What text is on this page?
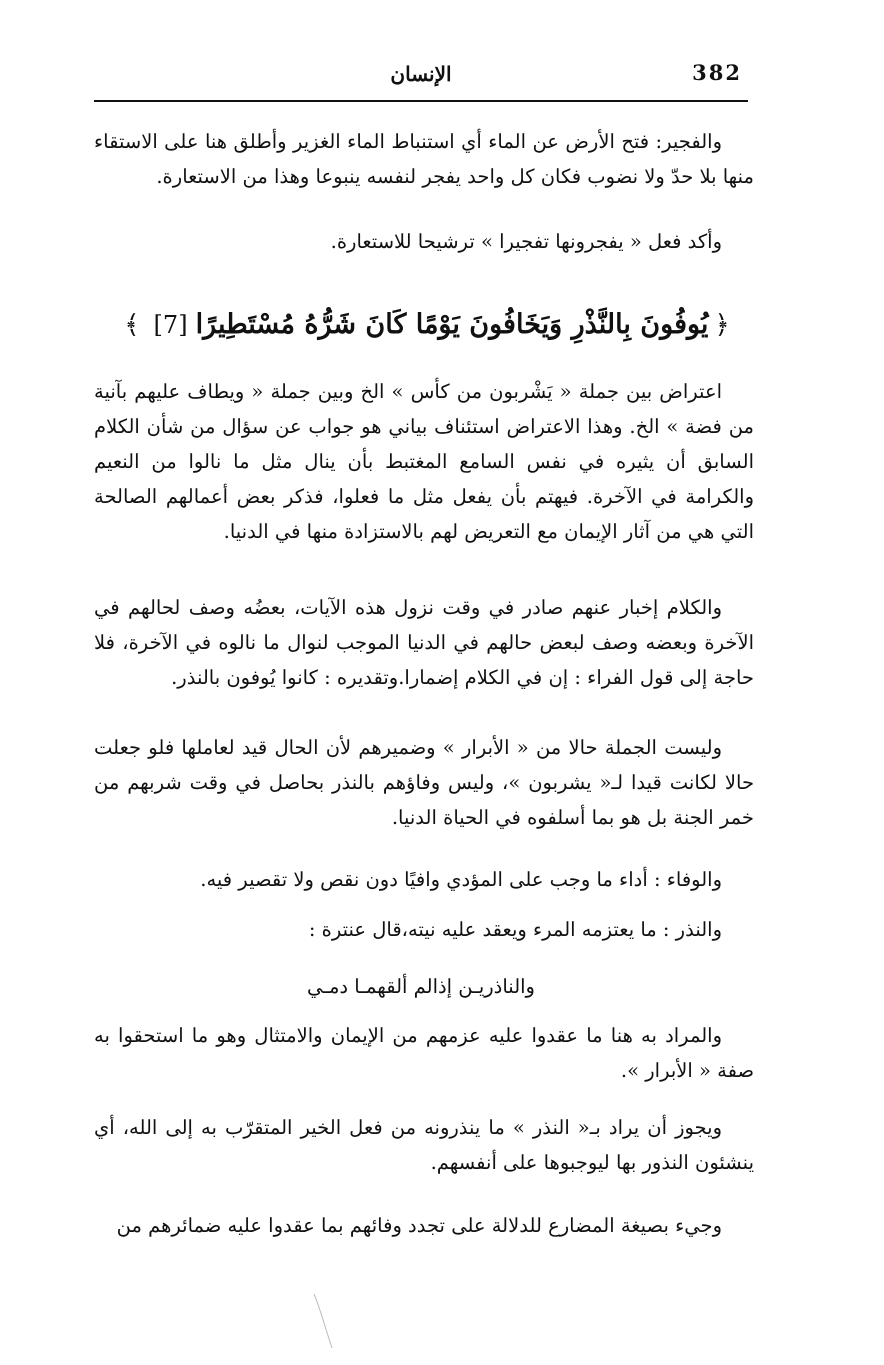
382
الإنسان

والفجير: فتح الأرض عن الماء أي استنباط الماء الغزير وأطلق هنا على الاستقاء منها بلا حدّ ولا نضوب فكان كل واحد يفجر لنفسه ينبوعا وهذا من الاستعارة.

وأكد فعل « يفجرونها تفجيرا » ترشيحا للاستعارة.

﴿يُوفُونَ بِالنَّذْرِ وَيَخَافُونَ يَوْمًا كَانَ شَرُّهُ مُسْتَطِيرًا[7]﴾

اعتراض بين جملة « يَشْربون من كأس » الخ وبين جملة « ويطاف عليهم بآنية من فضة » الخ. وهذا الاعتراض استئناف بياني هو جواب عن سؤال من شأن الكلام السابق أن يثيره في نفس السامع المغتبط بأن ينال مثل ما نالوا من النعيم والكرامة في الآخرة. فيهتم بأن يفعل مثل ما فعلوا، فذكر بعض أعمالهم الصالحة التي هي من آثار الإيمان مع التعريض لهم بالاستزادة منها في الدنيا.

والكلام إخبار عنهم صادر في وقت نزول هذه الآيات، بعضُه وصف لحالهم في الآخرة وبعضه وصف لبعض حالهم في الدنيا الموجب لنوال ما نالوه في الآخرة، فلا حاجة إلى قول الفراء : إن في الكلام إضمارا.وتقديره : كانوا يُوفون بالنذر.

وليست الجملة حالا من « الأبرار » وضميرهم لأن الحال قيد لعاملها فلو جعلت حالا لكانت قيدا لـ« يشربون »، وليس وفاؤهم بالنذر بحاصل في وقت شربهم من خمر الجنة بل هو بما أسلفوه في الحياة الدنيا.

والوفاء : أداء ما وجب على المؤدي وافيًا دون نقص ولا تقصير فيه.

والنذر : ما يعتزمه المرء ويعقد عليه نيته،قال عنترة :

والناذريـن إذالم ألقهمـا دمـي

والمراد به هنا ما عقدوا عليه عزمهم من الإيمان والامتثال وهو ما استحقوا به صفة « الأبرار ».

ويجوز أن يراد بـ« النذر » ما ينذرونه من فعل الخير المتقرّب به إلى الله، أي ينشئون النذور بها ليوجبوها على أنفسهم.

وجيء بصيغة المضارع للدلالة على تجدد وفائهم بما عقدوا عليه ضمائرهم من
